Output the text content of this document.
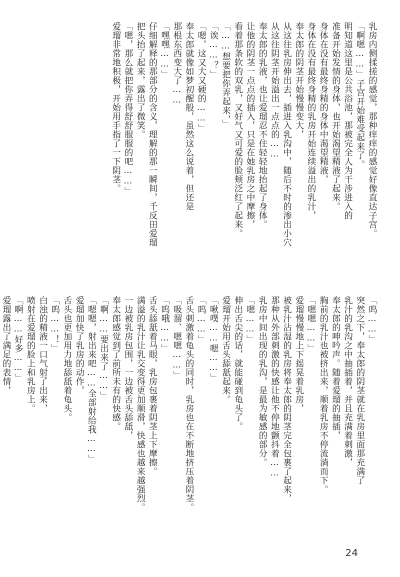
乳房内侧揉搓的感觉，那种痒痒的感觉好像直达子宫。

「啊嗯……」子宫开始难受起来了。

明知道这里是公共浴池，那被完全人为干涉进入的

准备开始发情的身体，也开始渴望精液了起来。

身体在没有最终身精的身体中渴望精液，

身体在没有最终身精的乳房开始连续溢出的乳汁，

奉太郎的阴茎开始慢慢变大，

从这往乳房伸出去，插进入乳沟中，随后不时的渗出小穴

从这往阴茎开始溢出一点点的……

奉太郎的乳液，也让爱瑠忍不住轻轻地抬起了身体。

让他的阴茎一点点的插入，只是在她乳房之中摩擦，

看着那条软的双乳，又好气又可爱的脸颊泛红了起来。

「……想要把你弄起来，」

「诶……？」

「嗯，这又大又硬的……」

奉太郎就像如梦初醒般，虽然这么说着，但还是

那根东西变大了……

「嘿嘿……」

仔细解释的那部分的含义，理解的那一瞬间，千反田爱瑠

把头抬了起来，露出了微笑。

「嗯，那么就把你弄得舒舒服服的吧……」

爱瑠非常地积极，开始用手指了一下阴茎。

「呜……」

突然之下，奉太郎的阴茎就在乳房里面那充满了

乳汁的乳沟之中抽插着，并且充满着刺激，

奉太郎的呻吟声。随着爱瑠的抽插，

胸前的乳汁也被挤出来，顺着乳房不停流淌而下。

「嗯嗯……」

爱瑠慢慢地上下摇晃着乳房，

被乳汁沾湿的乳房将奉太郎的阴茎完全包裹了起来，

那种从外部刺激的快感让他不停地颤抖着……

乳房中间出现的乳沟，是最为敏感的部分。

「嗯……」

伸出舌尖的话，就能碰到龟头了。

爱瑠开始用舌头舔舐起来。

「啾噗……嗯……」

「呜……」

舌头刺激着龟头的同时，乳房也在不断地挤压着阴茎。

「吸溜、嗯嗯……」

「呜哦……」

舌头舔舐着马眼，乳房包裹着阴茎上下摩擦。

满溢的乳汁让乳交变得更加顺滑，快感也越来越强烈。

一边被乳房包围，一边被舌头舔舐，

奉太郎感觉到了前所未有的快感。

「啊……要出来了……」

「嗯嗯，射出来吧……全部射给我……」

爱瑠加快了乳房的动作，

舌头也更加用力地舔舐着龟头。

「呜……！」

白浊的精液一口气射了出来，

喷射在爱瑠的脸上和乳房上。

「啊……好多……」

爱瑠露出了满足的表情，

24
